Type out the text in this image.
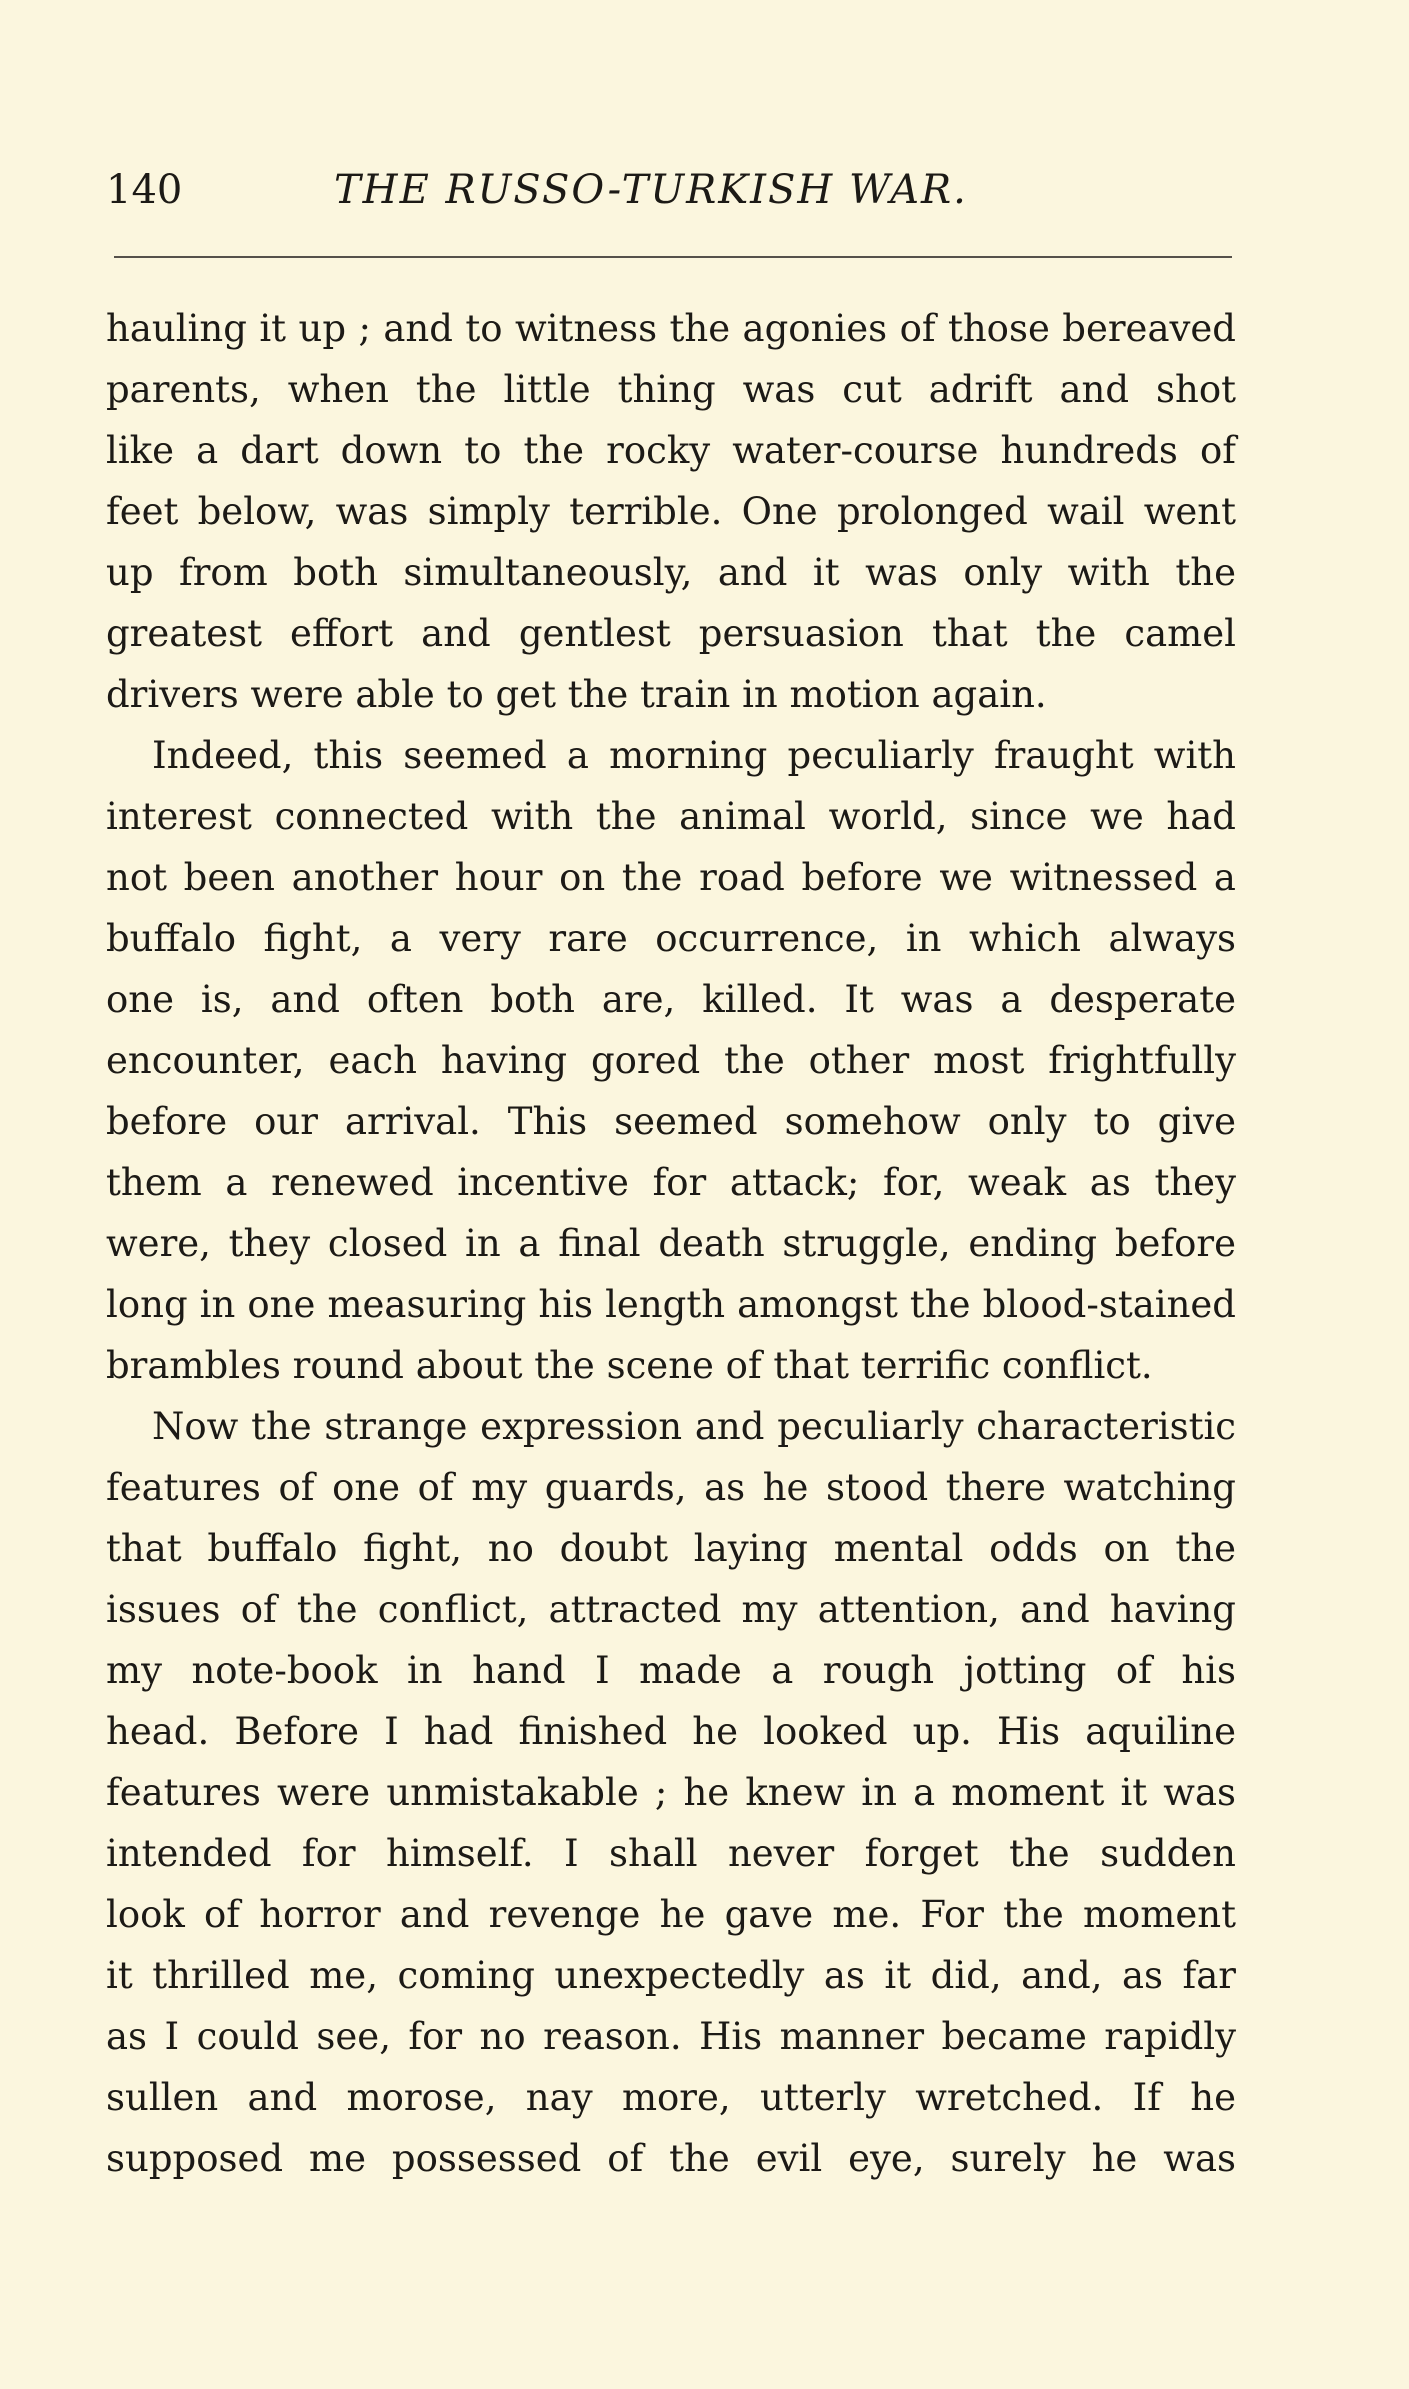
140	THE RUSSO-TURKISH WAR.
hauling it up ; and to witness the agonies of those bereaved
parents, when the little thing was cut adrift and shot
like a dart down to the rocky water-course hundreds of
feet below, was simply terrible. One prolonged wail went
up from both simultaneously, and it was only with the
greatest effort and gentlest persuasion that the camel
drivers were able to get the train in motion again.
Indeed, this seemed a morning peculiarly fraught with
interest connected with the animal world, since we had
not been another hour on the road before we witnessed a
buffalo fight, a very rare occurrence, in which always
one is, and often both are, killed. It was a desperate
encounter, each having gored the other most frightfully
before our arrival. This seemed somehow only to give
them a renewed incentive for attack; for, weak as they
were, they closed in a final death struggle, ending before
long in one measuring his length amongst the blood-stained
brambles round about the scene of that terrific conflict.
Now the strange expression and peculiarly characteristic
features of one of my guards, as he stood there watching
that buffalo fight, no doubt laying mental odds on the
issues of the conflict, attracted my attention, and having
my note-book in hand I made a rough jotting of his
head. Before I had finished he looked up. His aquiline
features were unmistakable ; he knew in a moment it was
intended for himself. I shall never forget the sudden
look of horror and revenge he gave me. For the moment
it thrilled me, coming unexpectedly as it did, and, as far
as I could see, for no reason. His manner became rapidly
sullen and morose, nay more, utterly wretched. If he
supposed me possessed of the evil eye, surely he was
